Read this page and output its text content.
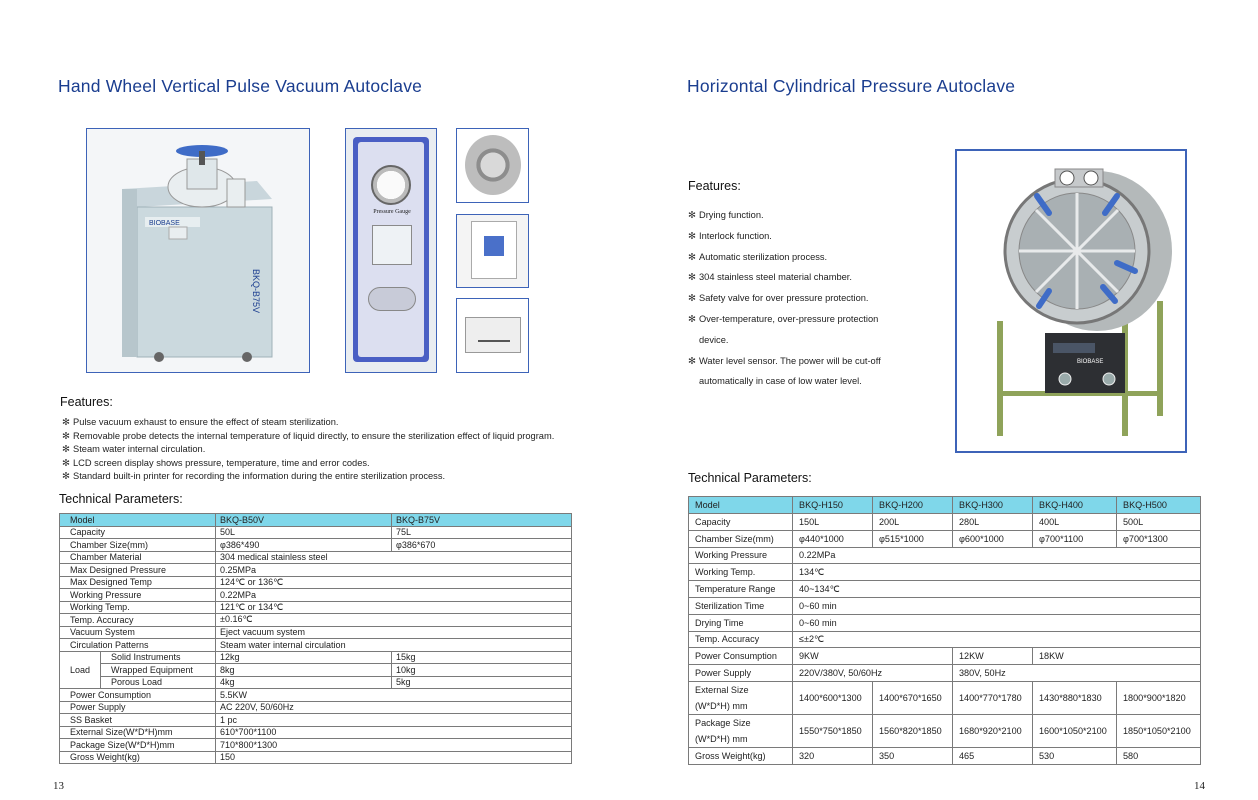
Hand Wheel Vertical Pulse Vacuum Autoclave
BIOBASE
BKQ-B75V
Pressure Gauge
Features:
✻ Pulse vacuum exhaust to ensure the effect of steam sterilization.
✻ Removable probe detects the internal temperature of liquid directly, to ensure the sterilization effect of liquid program.
✻ Steam water internal circulation.
✻ LCD screen display shows pressure, temperature, time and error codes.
✻ Standard built-in printer for recording the information during the entire sterilization process.
Technical Parameters:
Model		BKQ-B50V	BKQ-B75V
Capacity		50L	75L
Chamber Size(mm)		φ386*490	φ386*670
Chamber Material		304 medical stainless steel	
Max Designed Pressure		0.25MPa	
Max Designed Temp		124℃ or 136℃	
Working Pressure		0.22MPa	
Working Temp.		121℃ or 134℃	
Temp. Accuracy		±0.16℃	
Vacuum System		Eject vacuum system	
Circulation Patterns		Steam water internal circulation	
Load	Solid Instruments	12kg	15kg
	Wrapped Equipment	8kg	10kg
	Porous Load	4kg	5kg
Power Consumption		5.5KW	
Power Supply		AC 220V, 50/60Hz	
SS Basket		1 pc	
External Size(W*D*H)mm		610*700*1100	
Package Size(W*D*H)mm		710*800*1300	
Gross Weight(kg)		150	
13
Horizontal Cylindrical Pressure Autoclave
Features:
✻ Drying function.
✻ Interlock function.
✻ Automatic sterilization process.
✻ 304 stainless steel material chamber.
✻ Safety valve for over pressure protection.
✻ Over-temperature, over-pressure protection
device.
✻ Water level sensor. The power will be cut-off
automatically in case of low water level.
BIOBASE
Technical Parameters:
Model	BKQ-H150	BKQ-H200	BKQ-H300	BKQ-H400	BKQ-H500
Capacity	150L	200L	280L	400L	500L
Chamber Size(mm)	φ440*1000	φ515*1000	φ600*1000	φ700*1100	φ700*1300
Working Pressure	0.22MPa				
Working Temp.	134℃				
Temperature Range	40~134℃				
Sterilization Time	0~60 min				
Drying Time	0~60 min				
Temp. Accuracy	≤±2℃				
Power Consumption	9KW		12KW	18KW	
Power Supply	220V/380V, 50/60Hz		380V, 50Hz		

External Size
(W*D*H) mm	1400*600*1300	1400*670*1650	1400*770*1780	1430*880*1830	1800*900*1820

Package Size
(W*D*H) mm	1550*750*1850	1560*820*1850	1680*920*2100	1600*1050*2100	1850*1050*2100
Gross Weight(kg)	320	350	465	530	580
14
